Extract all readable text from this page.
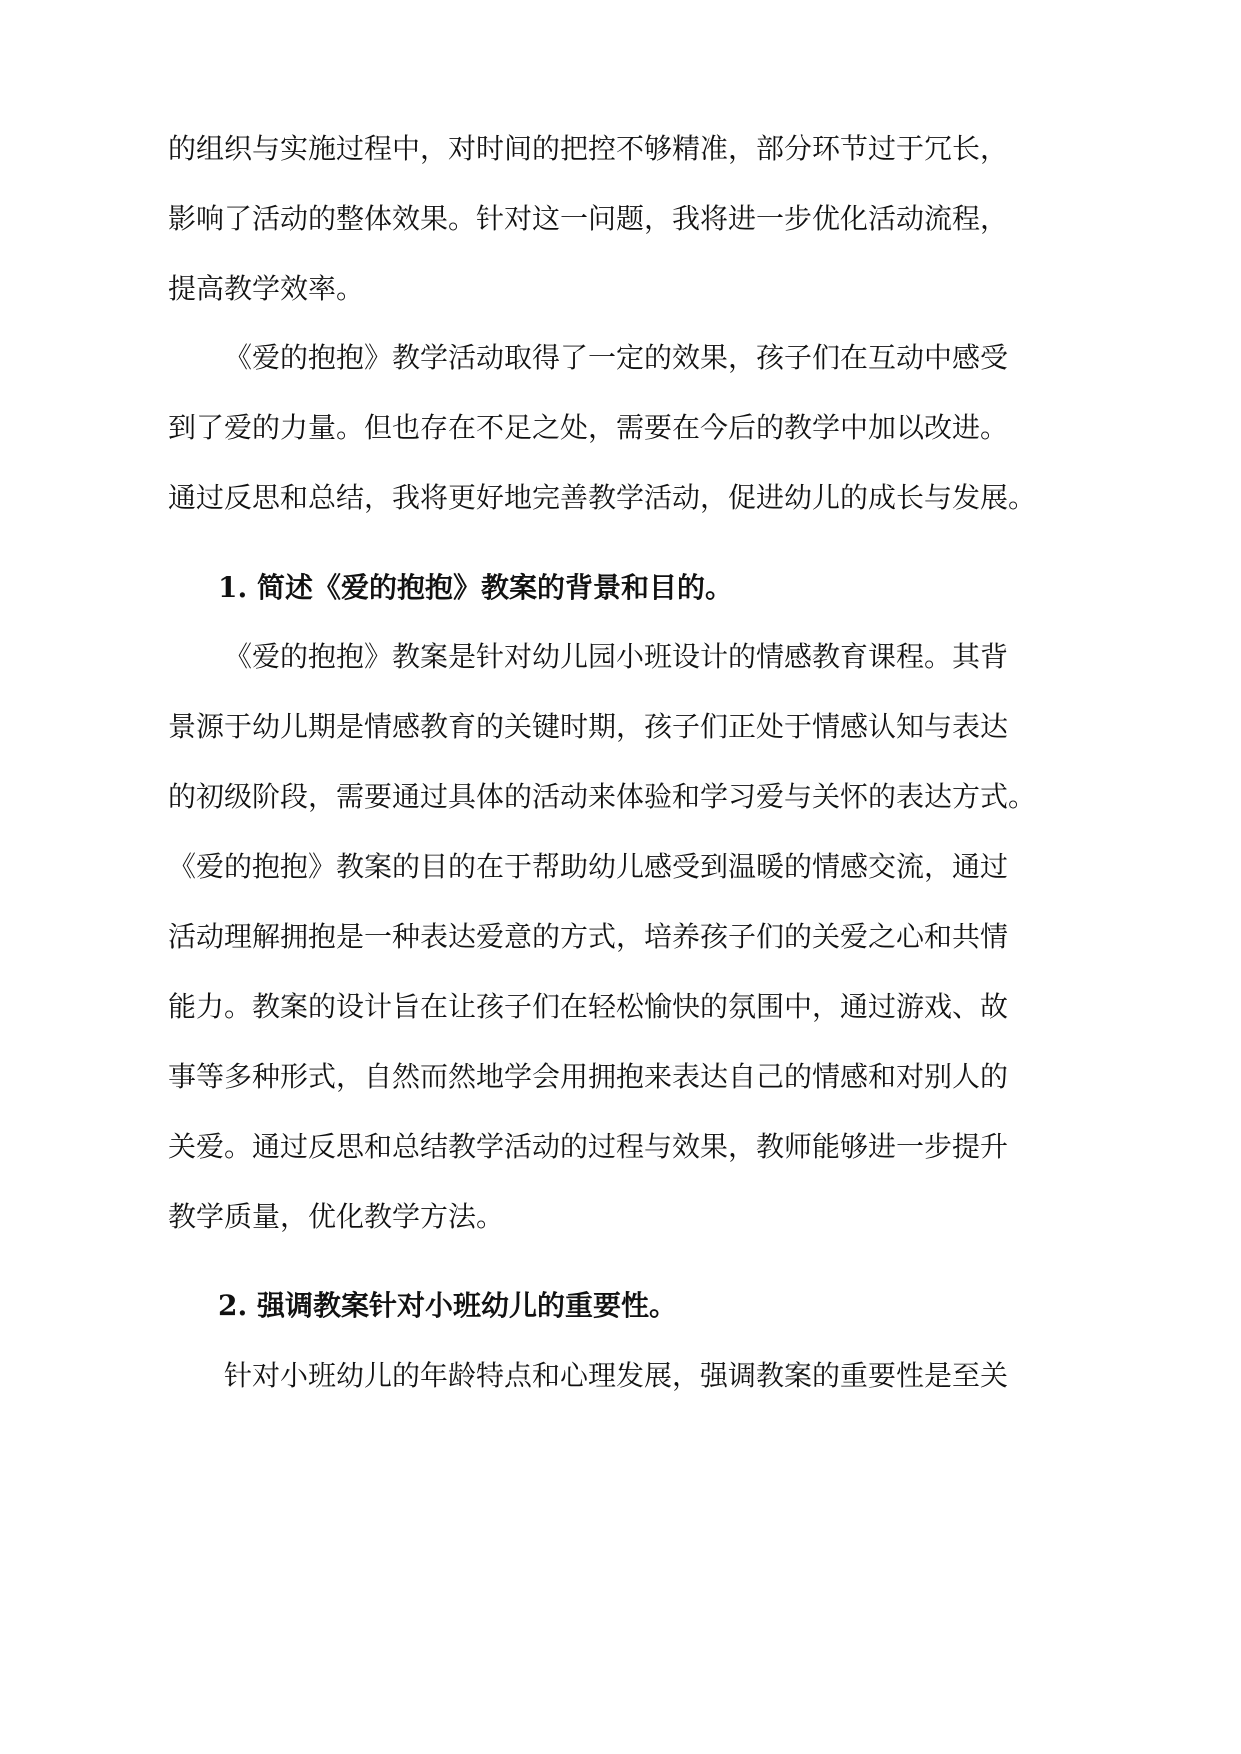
的组织与实施过程中，对时间的把控不够精准，部分环节过于冗长，
影响了活动的整体效果。针对这一问题，我将进一步优化活动流程，
提高教学效率。
《爱的抱抱》教学活动取得了一定的效果，孩子们在互动中感受
到了爱的力量。但也存在不足之处，需要在今后的教学中加以改进。
通过反思和总结，我将更好地完善教学活动，促进幼儿的成长与发展。
1. 简述《爱的抱抱》教案的背景和目的。
《爱的抱抱》教案是针对幼儿园小班设计的情感教育课程。其背
景源于幼儿期是情感教育的关键时期，孩子们正处于情感认知与表达
的初级阶段，需要通过具体的活动来体验和学习爱与关怀的表达方式。
《爱的抱抱》教案的目的在于帮助幼儿感受到温暖的情感交流，通过
活动理解拥抱是一种表达爱意的方式，培养孩子们的关爱之心和共情
能力。教案的设计旨在让孩子们在轻松愉快的氛围中，通过游戏、故
事等多种形式，自然而然地学会用拥抱来表达自己的情感和对别人的
关爱。通过反思和总结教学活动的过程与效果，教师能够进一步提升
教学质量，优化教学方法。
2. 强调教案针对小班幼儿的重要性。
针对小班幼儿的年龄特点和心理发展，强调教案的重要性是至关
